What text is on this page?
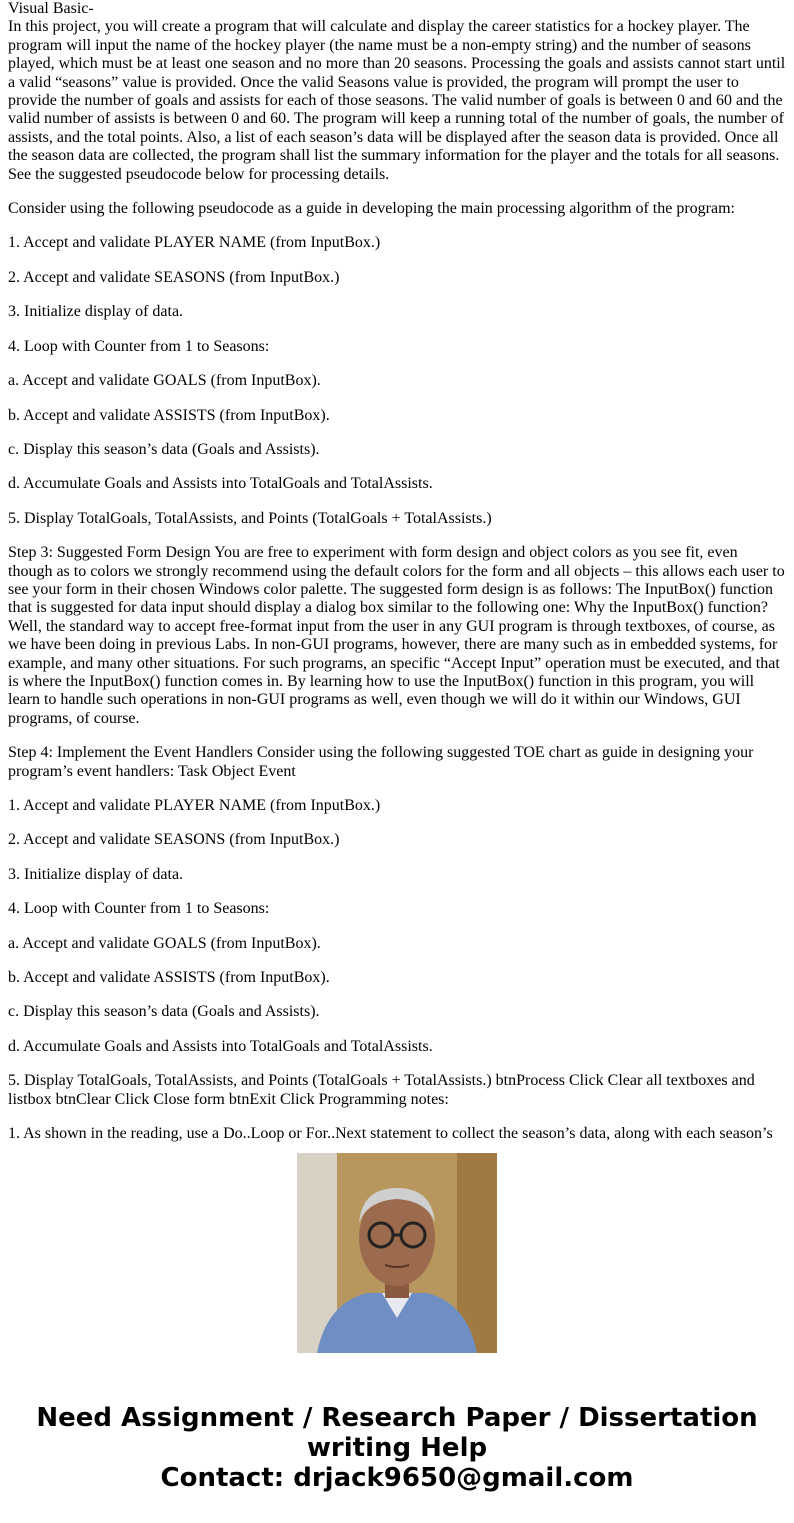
Visual Basic-

In this project, you will create a program that will calculate and display the career statistics for a hockey player. The program will input the name of the hockey player (the name must be a non-empty string) and the number of seasons played, which must be at least one season and no more than 20 seasons. Processing the goals and assists cannot start until a valid “seasons” value is provided. Once the valid Seasons value is provided, the program will prompt the user to provide the number of goals and assists for each of those seasons. The valid number of goals is between 0 and 60 and the valid number of assists is between 0 and 60. The program will keep a running total of the number of goals, the number of assists, and the total points. Also, a list of each season’s data will be displayed after the season data is provided. Once all the season data are collected, the program shall list the summary information for the player and the totals for all seasons. See the suggested pseudocode below for processing details.

Consider using the following pseudocode as a guide in developing the main processing algorithm of the program:

1. Accept and validate PLAYER NAME (from InputBox.)

2. Accept and validate SEASONS (from InputBox.)

3. Initialize display of data.

4. Loop with Counter from 1 to Seasons:

a. Accept and validate GOALS (from InputBox).

b. Accept and validate ASSISTS (from InputBox).

c. Display this season’s data (Goals and Assists).

d. Accumulate Goals and Assists into TotalGoals and TotalAssists.

5. Display TotalGoals, TotalAssists, and Points (TotalGoals + TotalAssists.)

Step 3: Suggested Form Design You are free to experiment with form design and object colors as you see fit, even though as to colors we strongly recommend using the default colors for the form and all objects – this allows each user to see your form in their chosen Windows color palette. The suggested form design is as follows: The InputBox() function that is suggested for data input should display a dialog box similar to the following one: Why the InputBox() function? Well, the standard way to accept free-format input from the user in any GUI program is through textboxes, of course, as we have been doing in previous Labs. In non-GUI programs, however, there are many such as in embedded systems, for example, and many other situations. For such programs, an specific “Accept Input” operation must be executed, and that is where the InputBox() function comes in. By learning how to use the InputBox() function in this program, you will learn to handle such operations in non-GUI programs as well, even though we will do it within our Windows, GUI programs, of course.

Step 4: Implement the Event Handlers Consider using the following suggested TOE chart as guide in designing your program’s event handlers: Task Object Event

1. Accept and validate PLAYER NAME (from InputBox.)

2. Accept and validate SEASONS (from InputBox.)

3. Initialize display of data.

4. Loop with Counter from 1 to Seasons:

a. Accept and validate GOALS (from InputBox).

b. Accept and validate ASSISTS (from InputBox).

c. Display this season’s data (Goals and Assists).

d. Accumulate Goals and Assists into TotalGoals and TotalAssists.

5. Display TotalGoals, TotalAssists, and Points (TotalGoals + TotalAssists.) btnProcess Click Clear all textboxes and listbox btnClear Click Close form btnExit Click Programming notes:

1. As shown in the reading, use a Do..Loop or For..Next statement to collect the season’s data, along with each season’s

Need Assignment / Research Paper / Dissertation
writing Help
Contact: drjack9650@gmail.com
